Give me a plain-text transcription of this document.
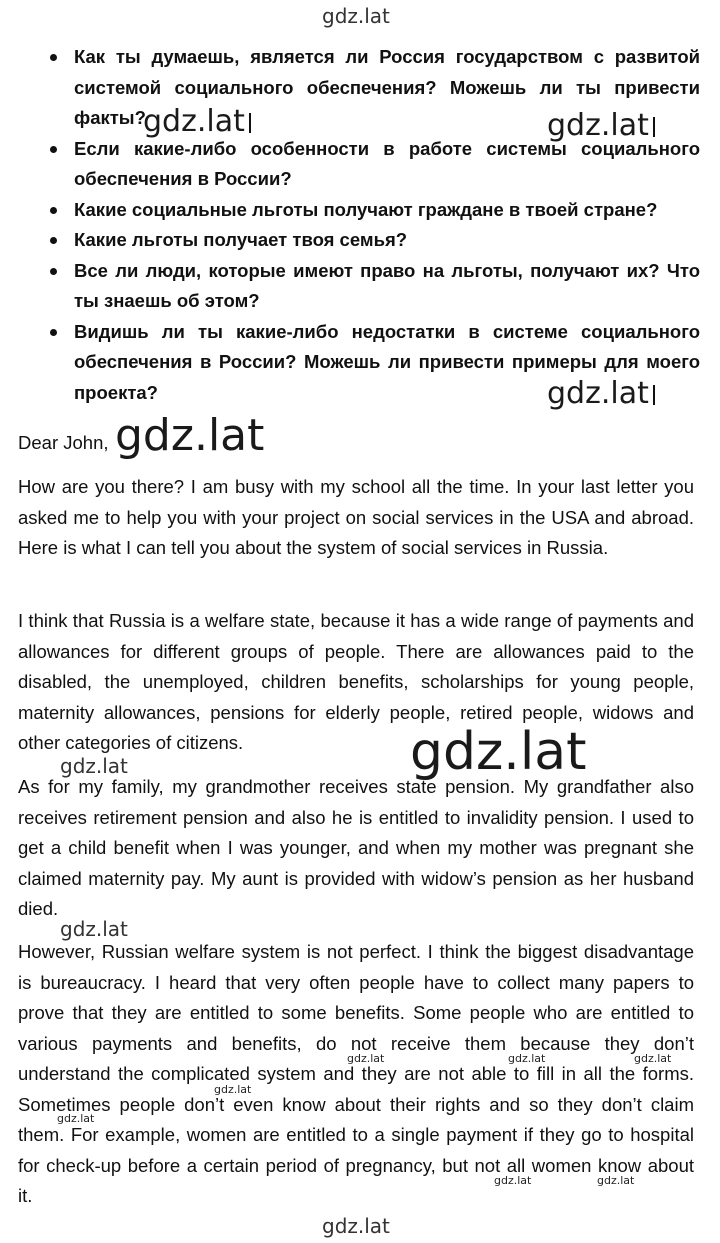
gdz.lat
Как ты думаешь, является ли Россия государством с развитой системой социального обеспечения? Можешь ли ты привести факты?
Если какие-либо особенности в работе системы социального обеспечения в России?
Какие социальные льготы получают граждане в твоей стране?
Какие льготы получает твоя семья?
Все ли люди, которые имеют право на льготы, получают их? Что ты знаешь об этом?
Видишь ли ты какие-либо недостатки в системе социального обеспечения в России? Можешь ли привести примеры для моего проекта?
Dear John,

How are you there? I am busy with my school all the time. In your last letter you asked me to help you with your project on social services in the USA and abroad. Here is what I can tell you about the system of social services in Russia.

I think that Russia is a welfare state, because it has a wide range of payments and allowances for different groups of people. There are allowances paid to the disabled, the unemployed, children benefits, scholarships for young people, maternity allowances, pensions for elderly people, retired people, widows and other categories of citizens.

As for my family, my grandmother receives state pension. My grandfather also receives retirement pension and also he is entitled to invalidity pension. I used to get a child benefit when I was younger, and when my mother was pregnant she claimed maternity pay. My aunt is provided with widow’s pension as her husband died.

However, Russian welfare system is not perfect. I think the biggest disadvantage is bureaucracy. I heard that very often people have to collect many papers to prove that they are entitled to some benefits. Some people who are entitled to various payments and benefits, do not receive them because they don’t understand the complicated system and they are not able to fill in all the forms. Sometimes people don’t even know about their rights and so they don’t claim them. For example, women are entitled to a single payment if they go to hospital for check-up before a certain period of pregnancy, but not all women know about it.

gdz.lat	gdz.lat
gdz.lat
gdz.lat
gdz.lat
gdz.lat
gdz.lat
gdz.lat	gdz.lat	gdz.lat
gdz.lat
gdz.lat
gdz.lat	gdz.lat
gdz.lat
